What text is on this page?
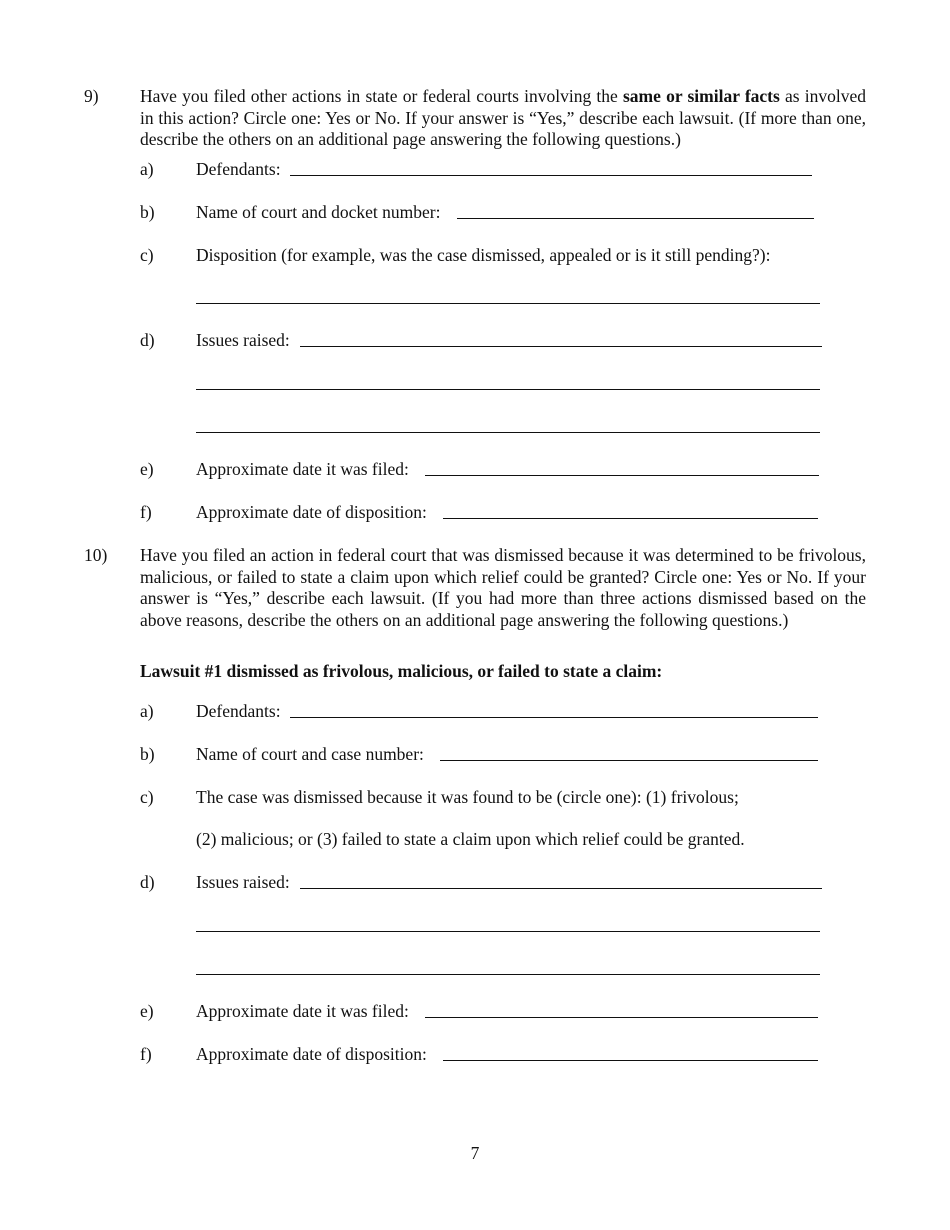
9) Have you filed other actions in state or federal courts involving the same or similar facts as involved in this action? Circle one: Yes or No. If your answer is “Yes,” describe each lawsuit. (If more than one, describe the others on an additional page answering the following questions.)
a) Defendants:
b) Name of court and docket number:
c) Disposition (for example, was the case dismissed, appealed or is it still pending?):
d) Issues raised:
e) Approximate date it was filed:
f)	Approximate date of disposition:
10) Have you filed an action in federal court that was dismissed because it was determined to be frivolous, malicious, or failed to state a claim upon which relief could be granted? Circle one: Yes or No. If your answer is “Yes,” describe each lawsuit. (If you had more than three actions dismissed based on the above reasons, describe the others on an additional page answering the following questions.)
Lawsuit #1 dismissed as frivolous, malicious, or failed to state a claim:
a) Defendants:
b) Name of court and case number:
c) The case was dismissed because it was found to be (circle one): (1) frivolous;
(2) malicious; or (3) failed to state a claim upon which relief could be granted.
d) Issues raised:
e) Approximate date it was filed:
f)	Approximate date of disposition:
7
